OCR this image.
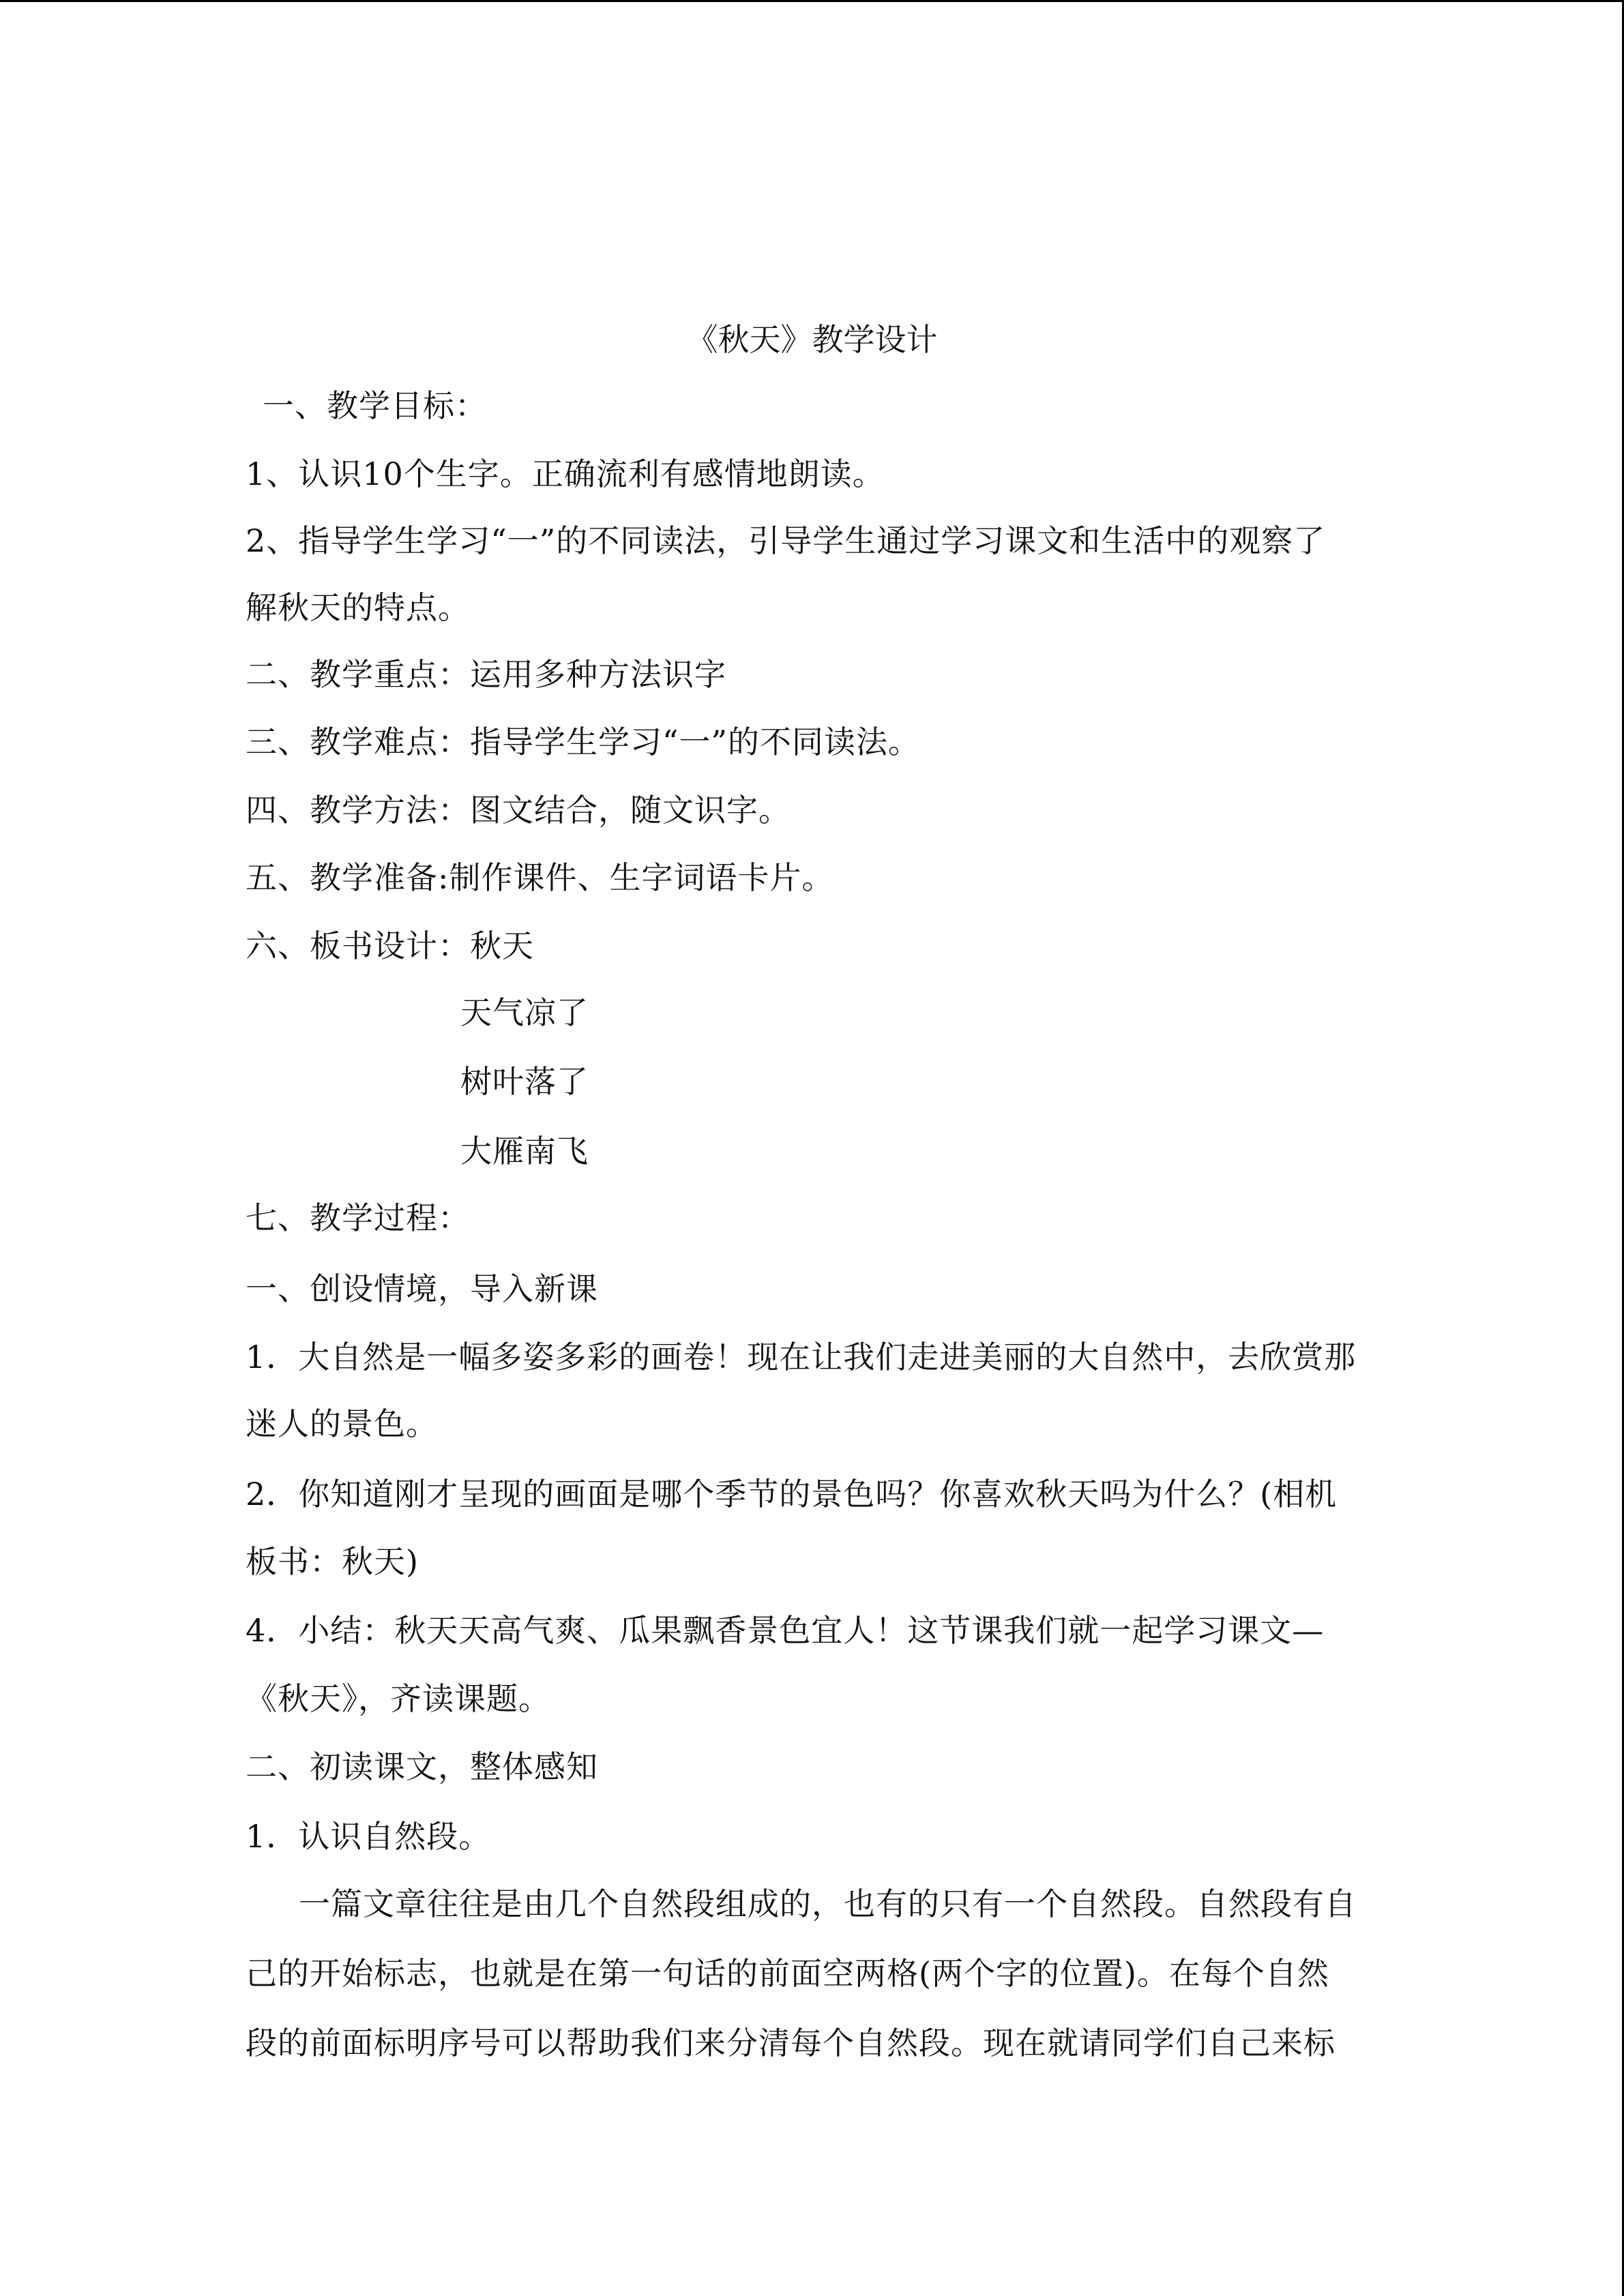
《秋天》教学设计
一、教学目标：
1、认识10个生字。正确流利有感情地朗读。
2、指导学生学习“一”的不同读法，引导学生通过学习课文和生活中的观察了
解秋天的特点。
二、教学重点：运用多种方法识字
三、教学难点：指导学生学习“一”的不同读法。
四、教学方法：图文结合，随文识字。
五、教学准备:制作课件、生字词语卡片。
六、板书设计：秋天
天气凉了
树叶落了
大雁南飞
七、教学过程：
一、创设情境，导入新课
1．大自然是一幅多姿多彩的画卷！现在让我们走进美丽的大自然中，去欣赏那
迷人的景色。
2．你知道刚才呈现的画面是哪个季节的景色吗？你喜欢秋天吗为什么？(相机
板书：秋天)
4．小结：秋天天高气爽、瓜果飘香景色宜人！这节课我们就一起学习课文—
《秋天》，齐读课题。
二、初读课文，整体感知
1．认识自然段。
一篇文章往往是由几个自然段组成的，也有的只有一个自然段。自然段有自
己的开始标志，也就是在第一句话的前面空两格(两个字的位置)。在每个自然
段的前面标明序号可以帮助我们来分清每个自然段。现在就请同学们自己来标
